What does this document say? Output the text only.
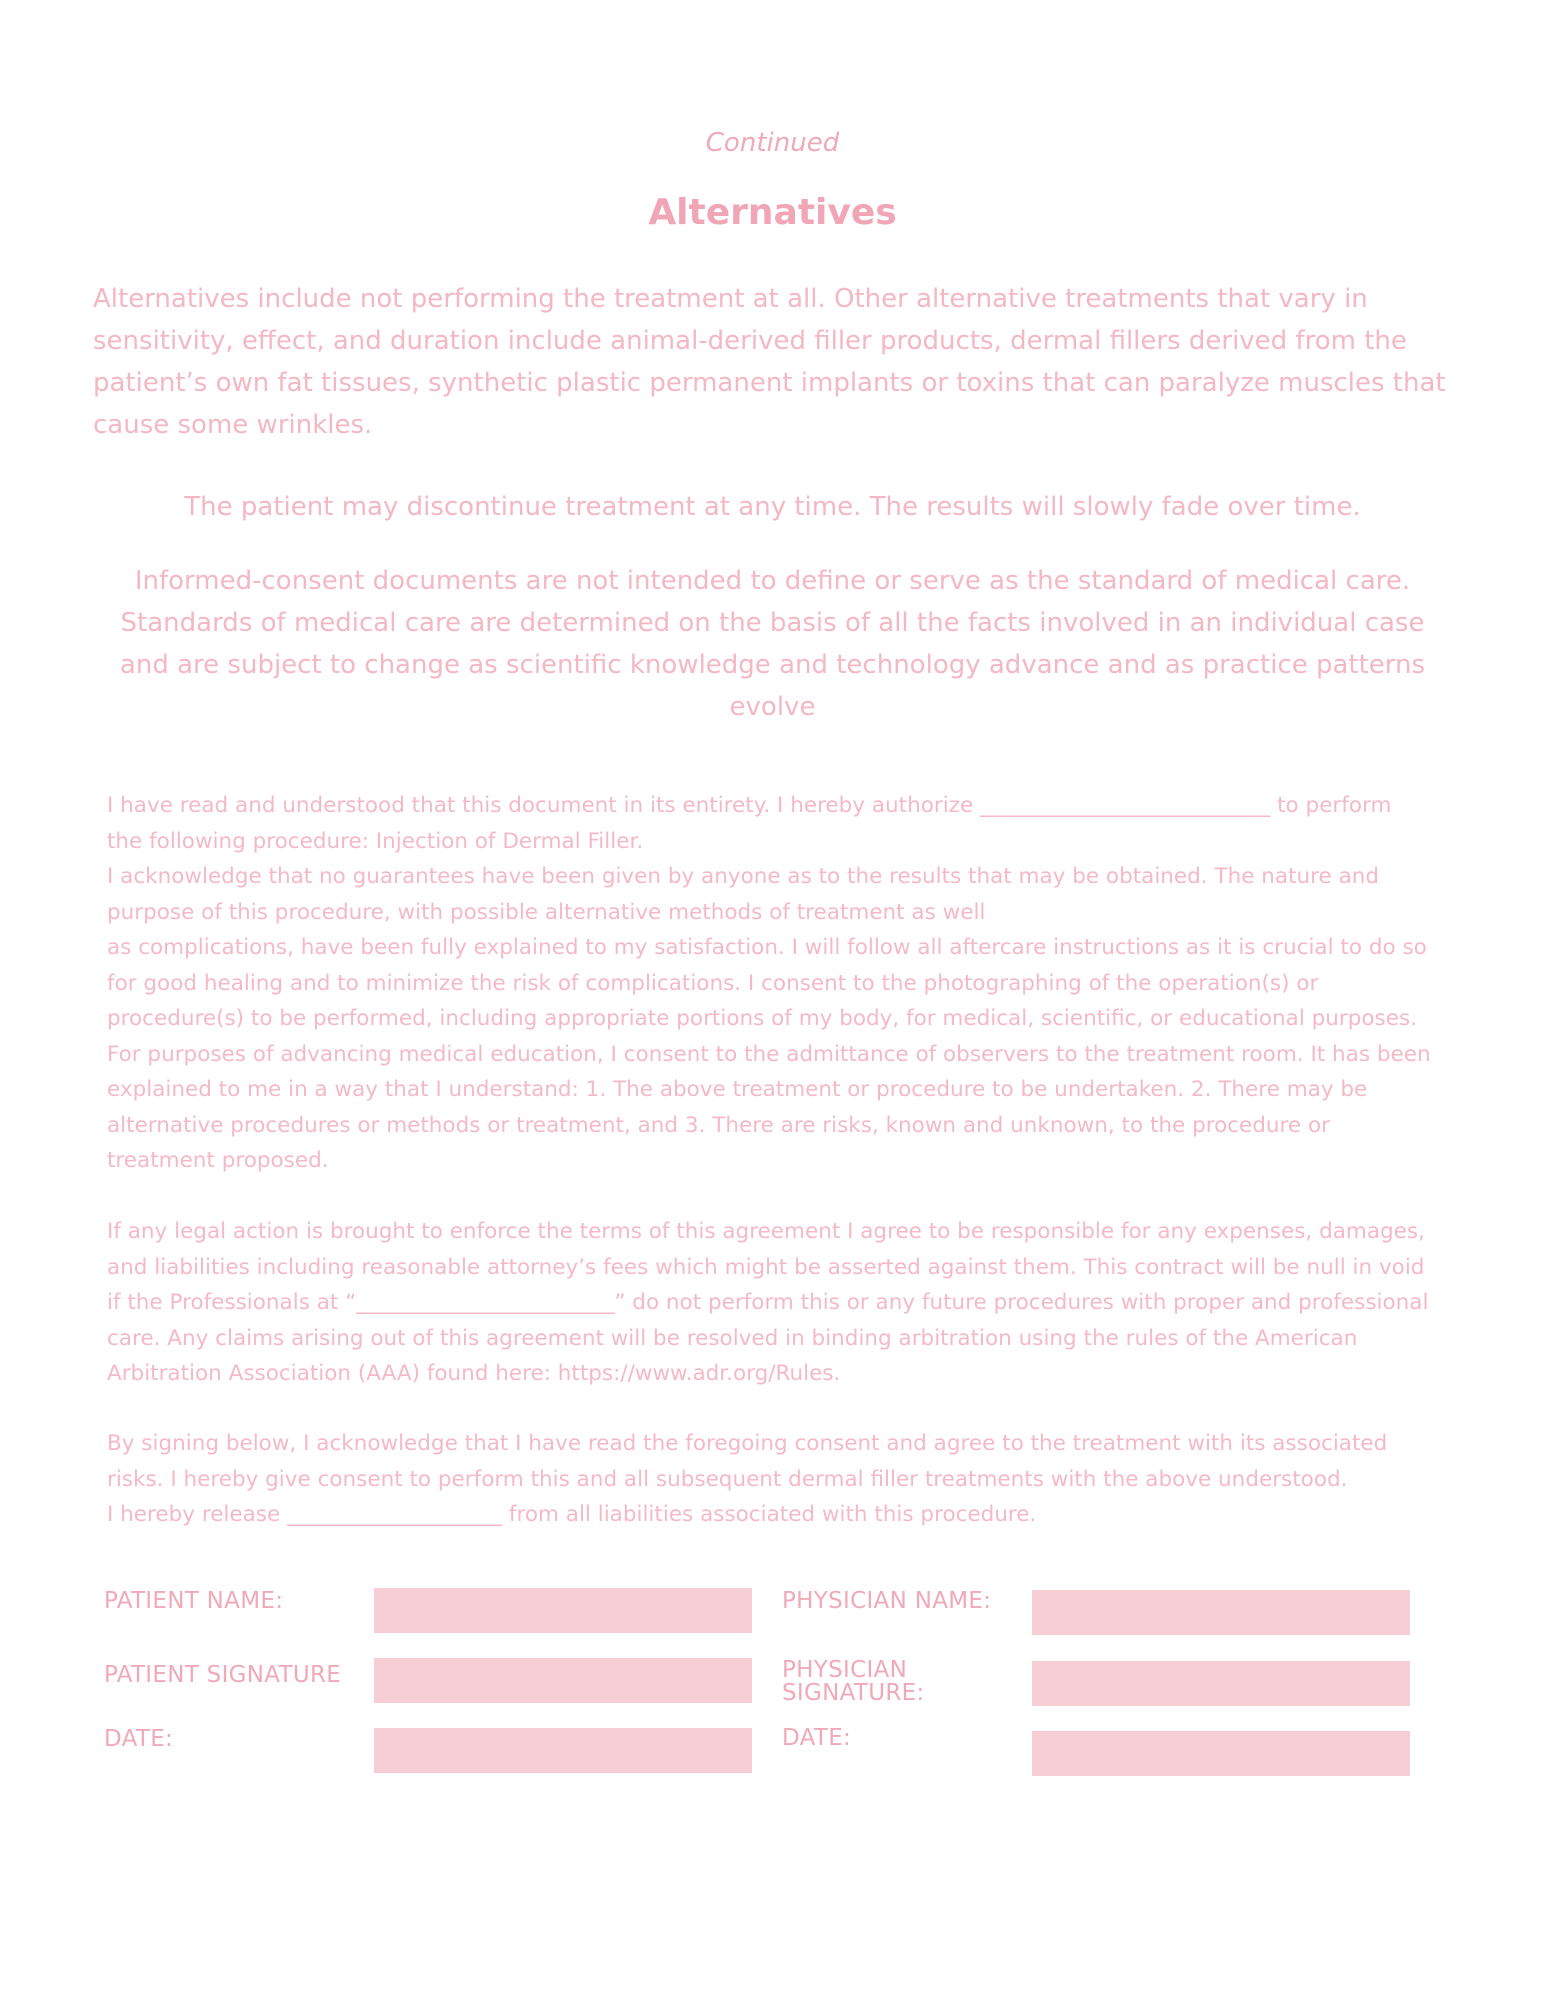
Continued
Alternatives
Alternatives include not performing the treatment at all. Other alternative treatments that vary in sensitivity, effect, and duration include animal-derived filler products, dermal fillers derived from the patient’s own fat tissues, synthetic plastic permanent implants or toxins that can paralyze muscles that cause some wrinkles.
The patient may discontinue treatment at any time. The results will slowly fade over time.
Informed-consent documents are not intended to define or serve as the standard of medical care. Standards of medical care are determined on the basis of all the facts involved in an individual case and are subject to change as scientific knowledge and technology advance and as practice patterns evolve

I have read and understood that this document in its entirety. I hereby authorize ___________________________ to perform the following procedure: Injection of Dermal Filler.

I acknowledge that no guarantees have been given by anyone as to the results that may be obtained. The nature and purpose of this procedure, with possible alternative methods of treatment as well

as complications, have been fully explained to my satisfaction. I will follow all aftercare instructions as it is crucial to do so for good healing and to minimize the risk of complications. I consent to the photographing of the operation(s) or procedure(s) to be performed, including appropriate portions of my body, for medical, scientific, or educational purposes. For purposes of advancing medical education, I consent to the admittance of observers to the treatment room. It has been explained to me in a way that I understand: 1. The above treatment or procedure to be undertaken. 2. There may be alternative procedures or methods or treatment, and 3. There are risks, known and unknown, to the procedure or treatment proposed.

If any legal action is brought to enforce the terms of this agreement I agree to be responsible for any expenses, damages, and liabilities including reasonable attorney’s fees which might be asserted against them. This contract will be null in void if the Professionals at “________________________” do not perform this or any future procedures with proper and professional care. Any claims arising out of this agreement will be resolved in binding arbitration using the rules of the American Arbitration Association (AAA) found here: https://www.adr.org/Rules.

By signing below, I acknowledge that I have read the foregoing consent and agree to the treatment with its associated risks. I hereby give consent to perform this and all subsequent dermal filler treatments with the above understood.

I hereby release ____________________ from all liabilities associated with this procedure.

PATIENT NAME:
PATIENT SIGNATURE
DATE:
PHYSICIAN NAME:
PHYSICIAN
SIGNATURE:
DATE:
